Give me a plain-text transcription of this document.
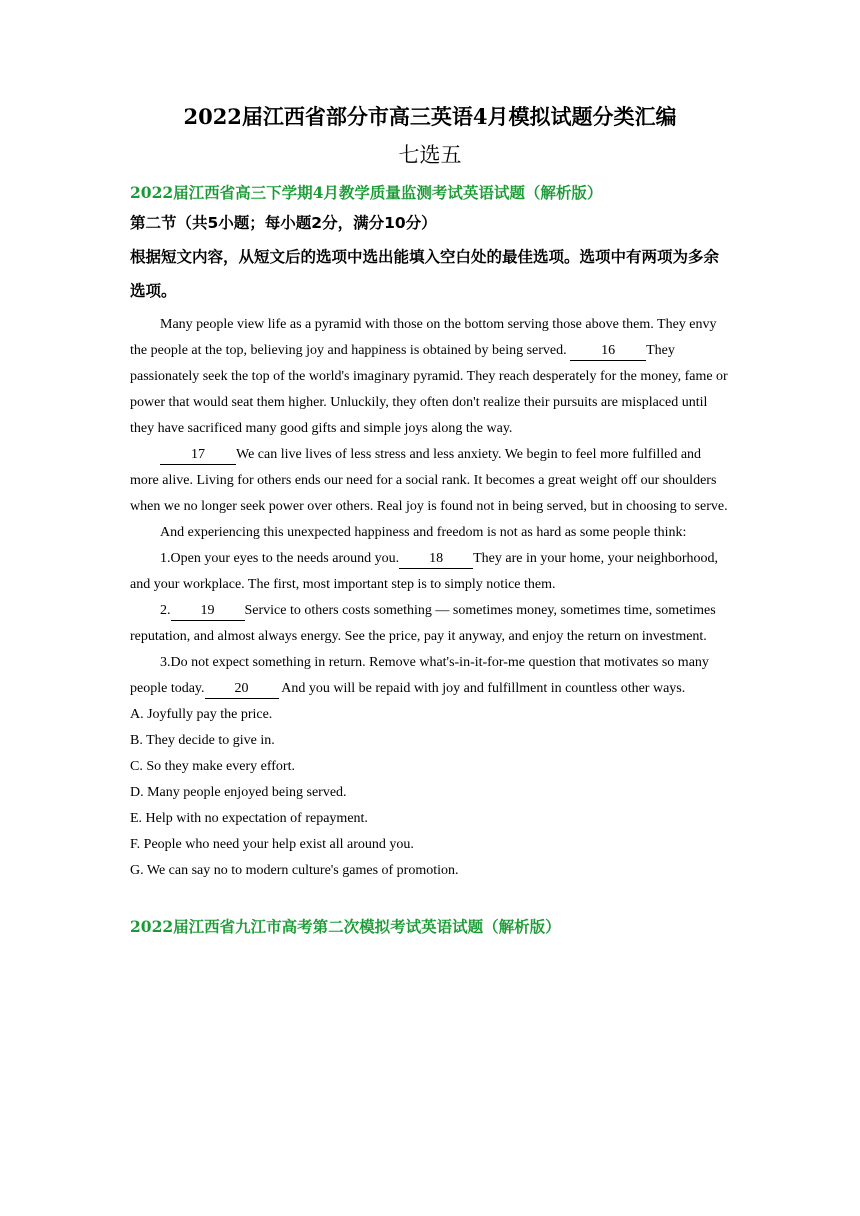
2022届江西省部分市高三英语4月模拟试题分类汇编

七选五

2022届江西省高三下学期4月教学质量监测考试英语试题（解析版）

第二节（共5小题；每小题2分，满分10分）

根据短文内容，从短文后的选项中选出能填入空白处的最佳选项。选项中有两项为多余选项。

Many people view life as a pyramid with those on the bottom serving those above them. They envy the people at the top, believing joy and happiness is obtained by being served. 16 They passionately seek the top of the world's imaginary pyramid. They reach desperately for the money, fame or power that would seat them higher. Unluckily, they often don't realize their pursuits are misplaced until they have sacrificed many good gifts and simple joys along the way.

17 We can live lives of less stress and less anxiety. We begin to feel more fulfilled and more alive. Living for others ends our need for a social rank. It becomes a great weight off our shoulders when we no longer seek power over others. Real joy is found not in being served, but in choosing to serve.

And experiencing this unexpected happiness and freedom is not as hard as some people think:

1.Open your eyes to the needs around you. 18 They are in your home, your neighborhood, and your workplace. The first, most important step is to simply notice them.

2. 19 Service to others costs something — sometimes money, sometimes time, sometimes reputation, and almost always energy. See the price, pay it anyway, and enjoy the return on investment.

3.Do not expect something in return. Remove what's-in-it-for-me question that motivates so many people today. 20 And you will be repaid with joy and fulfillment in countless other ways.

A. Joyfully pay the price.

B. They decide to give in.

C. So they make every effort.

D. Many people enjoyed being served.

E. Help with no expectation of repayment.

F. People who need your help exist all around you.

G. We can say no to modern culture's games of promotion.

2022届江西省九江市高考第二次模拟考试英语试题（解析版）
